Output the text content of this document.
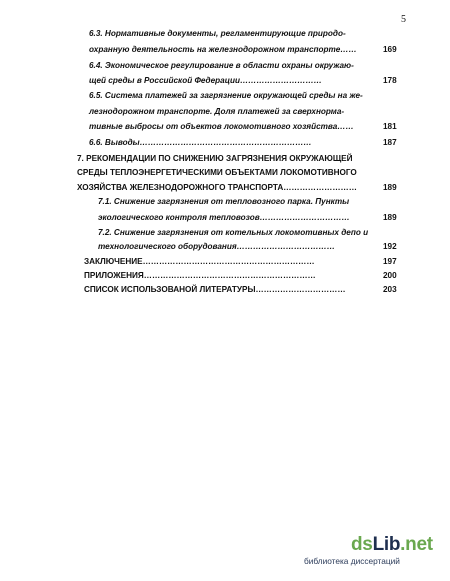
5
6.3. Нормативные документы, регламентирующие природо-
охранную деятельность на железнодорожном транспорте……	169
6.4. Экономическое регулирование в области охраны окружаю-
щей среды в Российской Федерации…………………………	178
6.5. Система платежей за загрязнение окружающей среды на же-
лезнодорожном транспорте. Доля платежей за сверхнорма-
тивные выбросы от объектов локомотивного хозяйства……	181
6.6. Выводы………………………………………………………	187
7. РЕКОМЕНДАЦИИ ПО СНИЖЕНИЮ ЗАГРЯЗНЕНИЯ ОКРУЖАЮЩЕЙ
СРЕДЫ ТЕПЛОЭНЕРГЕТИЧЕСКИМИ ОБЪЕКТАМИ ЛОКОМОТИВНОГО
ХОЗЯЙСТВА ЖЕЛЕЗНОДОРОЖНОГО ТРАНСПОРТА………………………	189
7.1. Снижение загрязнения от тепловозного парка. Пункты
экологического контроля тепловозов……………………………	189
7.2. Снижение загрязнения от котельных локомотивных депо и
технологического оборудования………………………………	192
ЗАКЛЮЧЕНИЕ………………………………………………………	197
ПРИЛОЖЕНИЯ………………………………………………………	200
СПИСОК ИСПОЛЬЗОВАНОЙ ЛИТЕРАТУРЫ……………………………	203
dsLib.net
библиотека диссертаций
